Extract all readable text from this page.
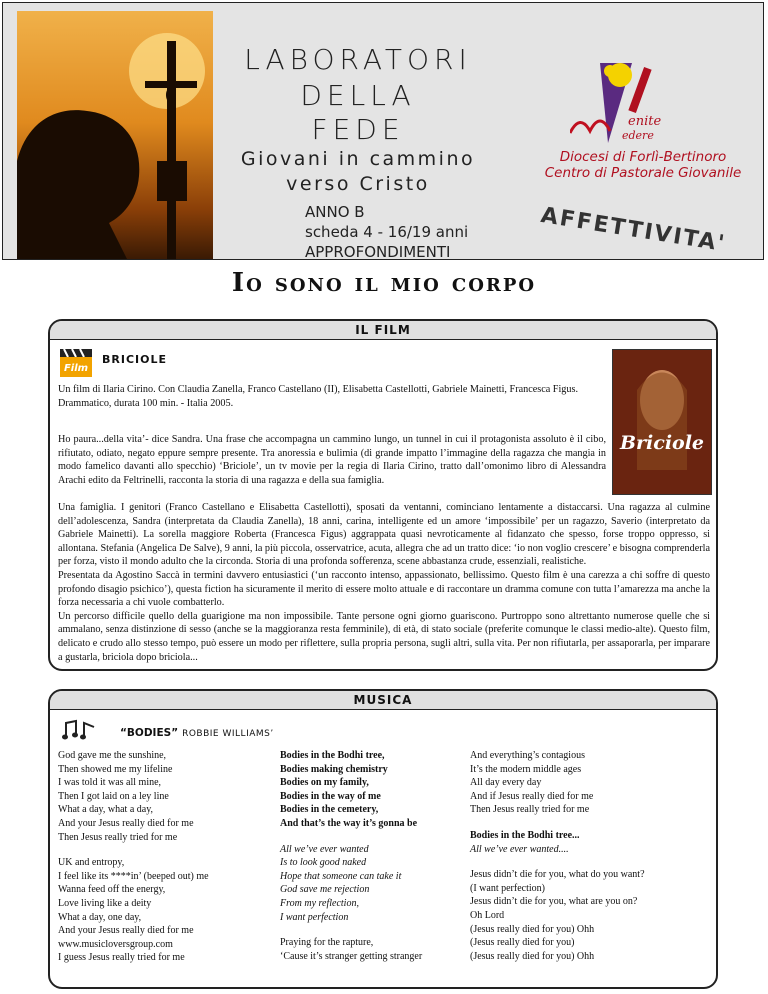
LABORATORI
DELLA
FEDE
Giovani in cammino
verso Cristo
ANNO B
scheda 4 - 16/19 anni
APPROFONDIMENTI
enite
edere
Diocesi di Forlì-Bertinoro
Centro di Pastorale Giovanile
AFFETTIVITA'
Io sono il mio corpo
IL FILM
Film
BRICIOLE
Briciole
Un film di Ilaria Cirino. Con Claudia Zanella, Franco Castellano (II), Elisabetta Castellotti, Gabriele Mainetti, Francesca Figus.
Drammatico, durata 100 min. - Italia 2005.
Ho paura...della vita’- dice Sandra. Una frase che accompagna un cammino lungo, un tunnel in cui il protagonista assoluto è il cibo, rifiutato, odiato, negato eppure sempre presente. Tra anoressia e bulimia (di grande impatto l’immagine della ragazza che mangia in modo famelico davanti allo specchio) ‘Briciole’, un tv movie per la regia di Ilaria Cirino, tratto dall’omonimo libro di Alessandra Arachi edito da Feltrinelli, racconta la storia di una ragazza e della sua famiglia.
Una famiglia. I genitori (Franco Castellano e Elisabetta Castellotti), sposati da ventanni, cominciano lentamente a distaccarsi. Una ragazza al culmine dell’adolescenza, Sandra (interpretata da Claudia Zanella), 18 anni, carina, intelligente ed un amore ‘impossibile’ per un ragazzo, Saverio (interpretato da Gabriele Mainetti). La sorella maggiore Roberta (Francesca Figus) aggrappata quasi nevroticamente al fidanzato che spesso, forse troppo oppresso, si allontana. Stefania (Angelica De Salve), 9 anni, la più piccola, osservatrice, acuta, allegra che ad un tratto dice: ‘io non voglio crescere’ e bisogna comprenderla per forza, visto il mondo adulto che la circonda. Storia di una profonda sofferenza, scene abbastanza crude, essenziali, realistiche.
Presentata da Agostino Saccà in termini davvero entusiastici (‘un racconto intenso, appassionato, bellissimo. Questo film è una carezza a chi soffre di questo profondo disagio psichico’), questa fiction ha sicuramente il merito di essere molto attuale e di raccontare un dramma comune con tutta l’amarezza ma anche la forza necessaria a chi vuole combatterlo.
Un percorso difficile quello della guarigione ma non impossibile. Tante persone ogni giorno guariscono. Purtroppo sono altrettanto numerose quelle che si ammalano, senza distinzione di sesso (anche se la maggioranza resta femminile), di età, di stato sociale (preferite comunque le classi medio-alte). Questo film, delicato e crudo allo stesso tempo, può essere un modo per riflettere, sulla propria persona, sugli altri, sulla vita. Per non rifiutarla, per assaporarla, per imparare a gustarla, briciola dopo briciola...
MUSICA
“BODIES” ROBBIE WILLIAMS’
God gave me the sunshine,
Then showed me my lifeline
I was told it was all mine,
Then I got laid on a ley line
What a day, what a day,
And your Jesus really died for me
Then Jesus really tried for me
UK and entropy,
I feel like its ****in’ (beeped out) me
Wanna feed off the energy,
Love living like a deity
What a day, one day,
And your Jesus really died for me
www.musicloversgroup.com
I guess Jesus really tried for me
Bodies in the Bodhi tree,
Bodies making chemistry
Bodies on my family,
Bodies in the way of me
Bodies in the cemetery,
And that’s the way it’s gonna be
All we’ve ever wanted
Is to look good naked
Hope that someone can take it
God save me rejection
From my reflection,
I want perfection
Praying for the rapture,
‘Cause it’s stranger getting stranger
And everything’s contagious
It’s the modern middle ages
All day every day
And if Jesus really died for me
Then Jesus really tried for me
Bodies in the Bodhi tree...
All we’ve ever wanted....
Jesus didn’t die for you, what do you want?
(I want perfection)
Jesus didn’t die for you, what are you on?
Oh Lord
(Jesus really died for you) Ohh
(Jesus really died for you)
(Jesus really died for you) Ohh
